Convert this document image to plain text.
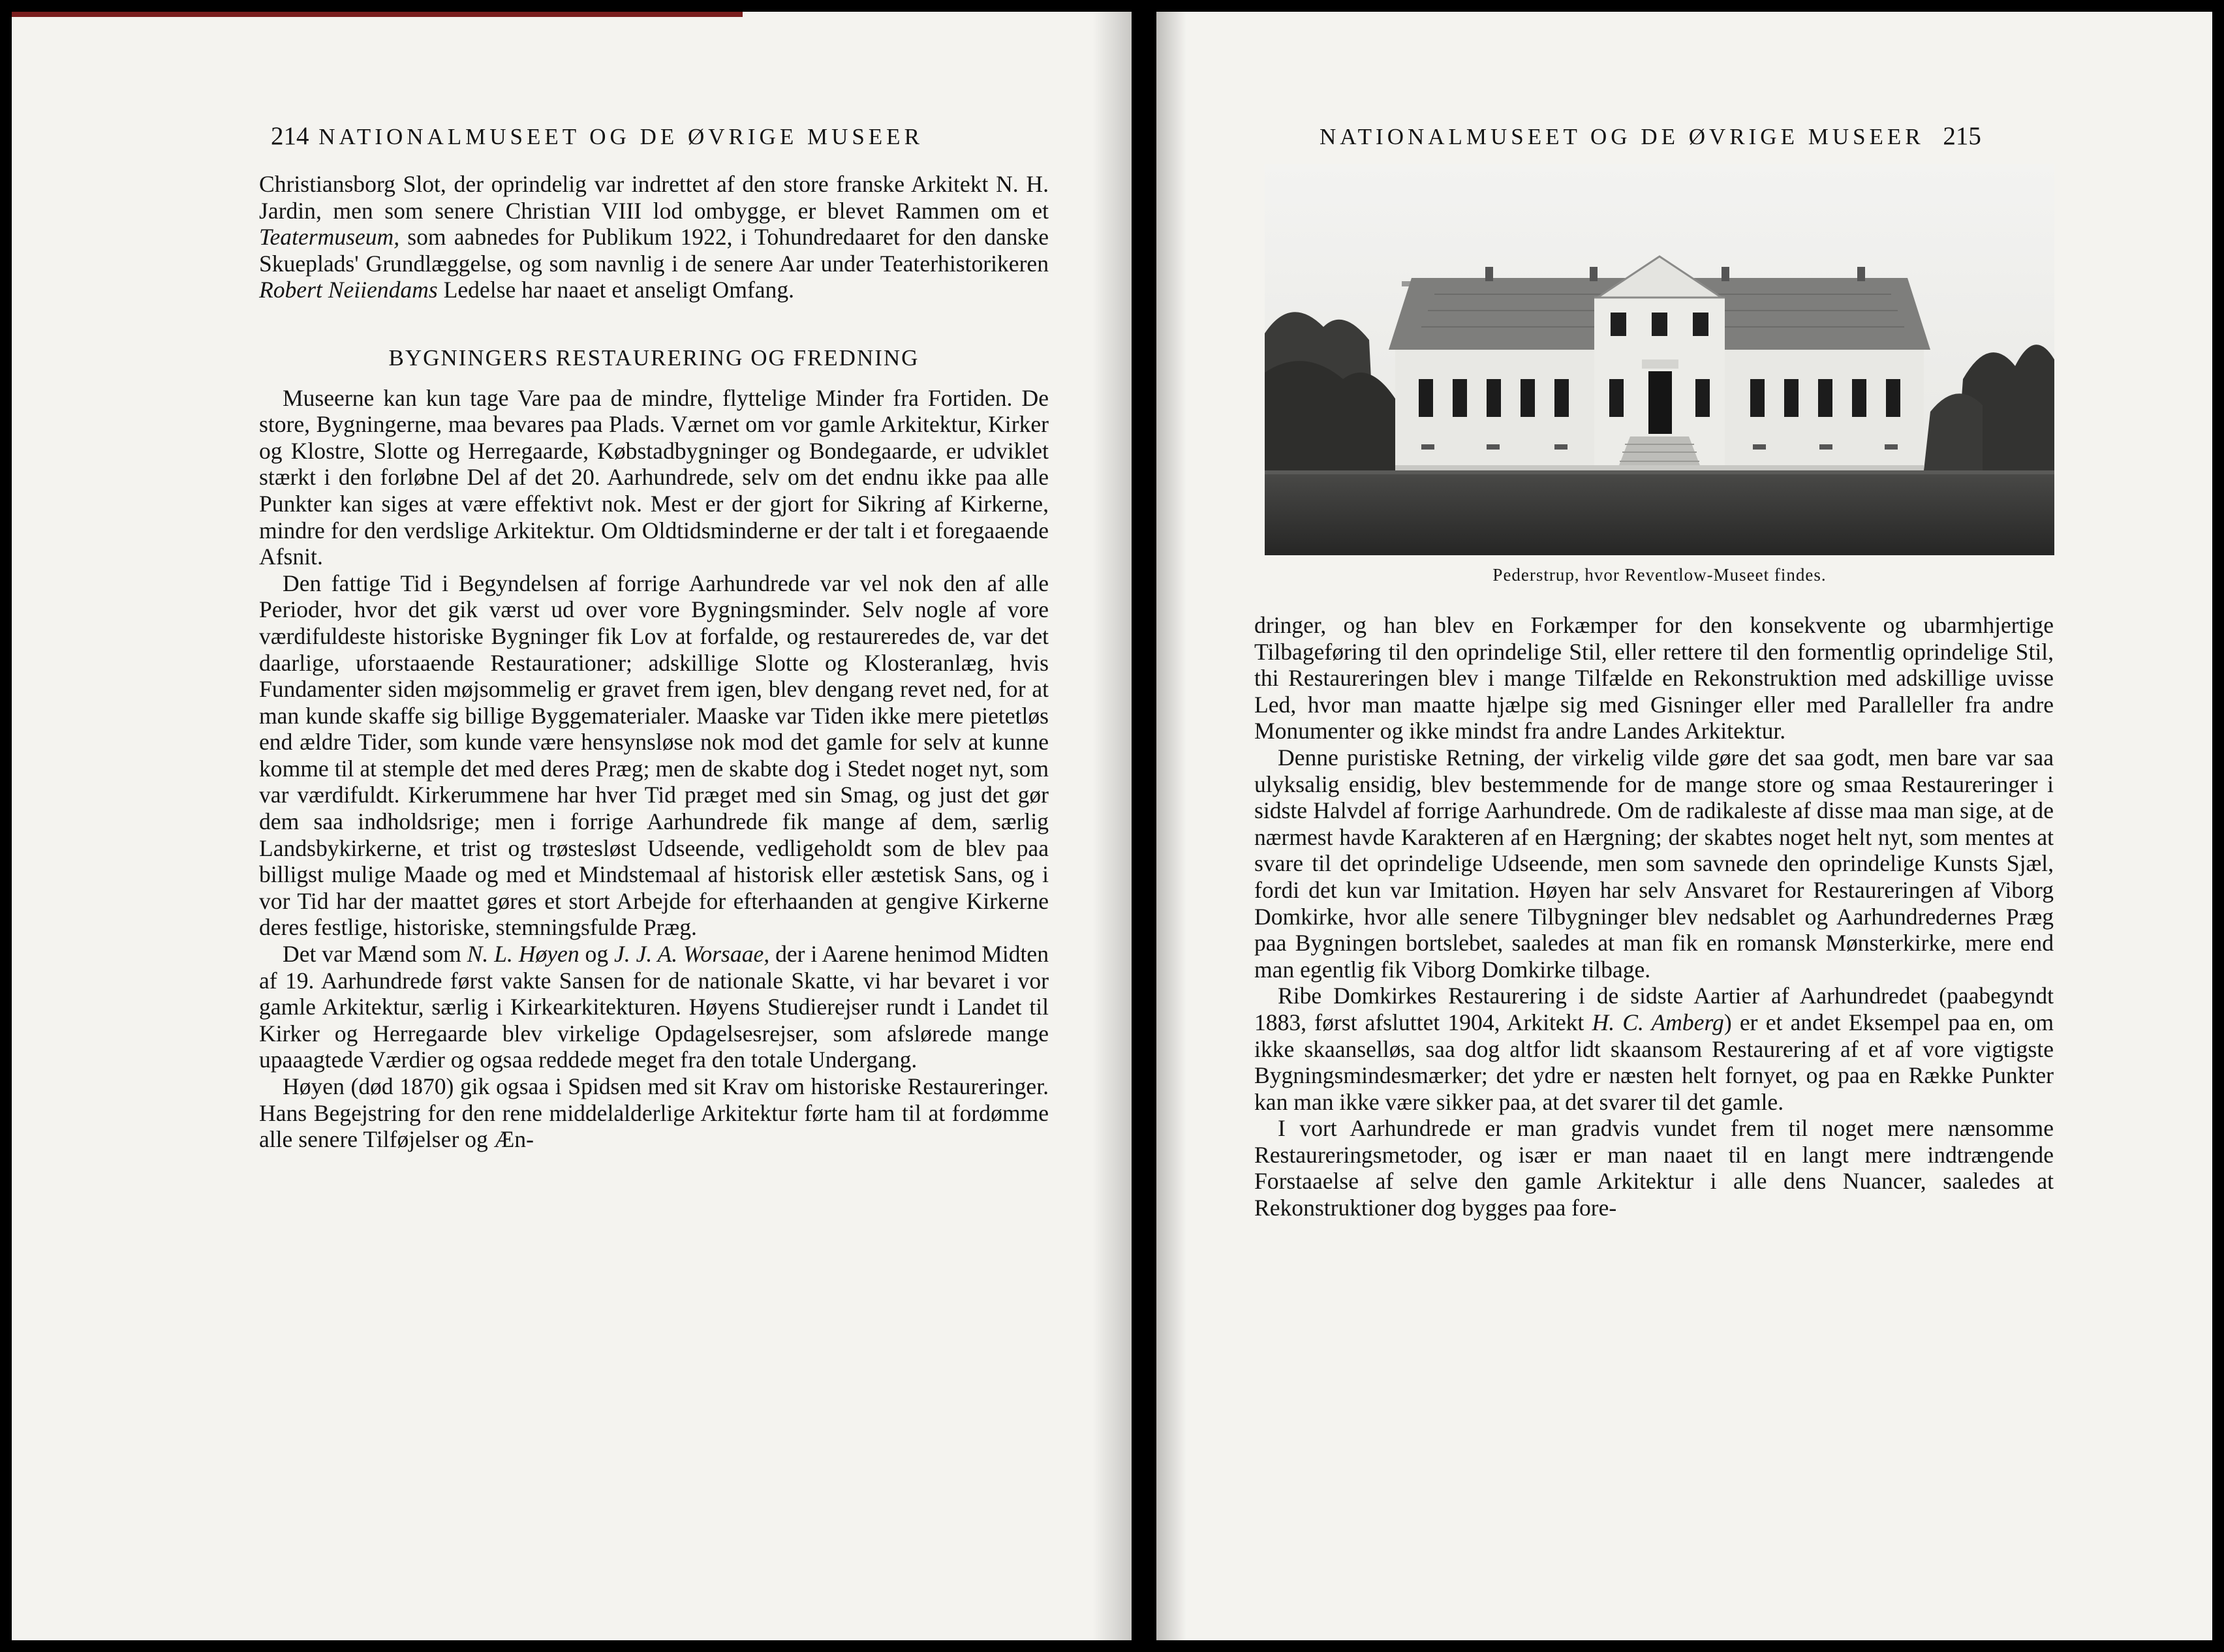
214 NATIONALMUSEET OG DE ØVRIGE MUSEER

Christiansborg Slot, der oprindelig var indrettet af den store franske Arkitekt N. H. Jardin, men som senere Christian VIII lod ombygge, er blevet Rammen om et Teatermuseum, som aabnedes for Publikum 1922, i Tohundredaaret for den danske Skueplads' Grundlæggelse, og som navnlig i de senere Aar under Teaterhistorikeren Robert Neiiendams Ledelse har naaet et anseligt Omfang.

BYGNINGERS RESTAURERING OG FREDNING

Museerne kan kun tage Vare paa de mindre, flyttelige Minder fra Fortiden. De store, Bygningerne, maa bevares paa Plads. Værnet om vor gamle Arkitektur, Kirker og Klostre, Slotte og Herregaarde, Købstadbygninger og Bondegaarde, er udviklet stærkt i den forløbne Del af det 20. Aarhundrede, selv om det endnu ikke paa alle Punkter kan siges at være effektivt nok. Mest er der gjort for Sikring af Kirkerne, mindre for den verdslige Arkitektur. Om Oldtidsminderne er der talt i et foregaaende Afsnit.

Den fattige Tid i Begyndelsen af forrige Aarhundrede var vel nok den af alle Perioder, hvor det gik værst ud over vore Bygningsminder. Selv nogle af vore værdifuldeste historiske Bygninger fik Lov at forfalde, og restaureredes de, var det daarlige, uforstaaende Restaurationer; adskillige Slotte og Klosteranlæg, hvis Fundamenter siden møjsommelig er gravet frem igen, blev dengang revet ned, for at man kunde skaffe sig billige Byggematerialer. Maaske var Tiden ikke mere pietetløs end ældre Tider, som kunde være hensynsløse nok mod det gamle for selv at kunne komme til at stemple det med deres Præg; men de skabte dog i Stedet noget nyt, som var værdifuldt. Kirkerummene har hver Tid præget med sin Smag, og just det gør dem saa indholdsrige; men i forrige Aarhundrede fik mange af dem, særlig Landsbykirkerne, et trist og trøstesløst Udseende, vedligeholdt som de blev paa billigst mulige Maade og med et Mindstemaal af historisk eller æstetisk Sans, og i vor Tid har der maattet gøres et stort Arbejde for efterhaanden at gengive Kirkerne deres festlige, historiske, stemningsfulde Præg.

Det var Mænd som N. L. Høyen og J. J. A. Worsaae, der i Aarene henimod Midten af 19. Aarhundrede først vakte Sansen for de nationale Skatte, vi har bevaret i vor gamle Arkitektur, særlig i Kirkearkitekturen. Høyens Studierejser rundt i Landet til Kirker og Herregaarde blev virkelige Opdagelsesrejser, som afslørede mange upaaagtede Værdier og ogsaa reddede meget fra den totale Undergang.

Høyen (død 1870) gik ogsaa i Spidsen med sit Krav om historiske Restaureringer. Hans Begejstring for den rene middelalderlige Arkitektur førte ham til at fordømme alle senere Tilføjelser og Æn-

NATIONALMUSEET OG DE ØVRIGE MUSEER 215
Pederstrup, hvor Reventlow-Museet findes.

dringer, og han blev en Forkæmper for den konsekvente og ubarmhjertige Tilbageføring til den oprindelige Stil, eller rettere til den formentlig oprindelige Stil, thi Restaureringen blev i mange Tilfælde en Rekonstruktion med adskillige uvisse Led, hvor man maatte hjælpe sig med Gisninger eller med Paralleller fra andre Monumenter og ikke mindst fra andre Landes Arkitektur.

Denne puristiske Retning, der virkelig vilde gøre det saa godt, men bare var saa ulyksalig ensidig, blev bestemmende for de mange store og smaa Restaureringer i sidste Halvdel af forrige Aarhundrede. Om de radikaleste af disse maa man sige, at de nærmest havde Karakteren af en Hærgning; der skabtes noget helt nyt, som mentes at svare til det oprindelige Udseende, men som savnede den oprindelige Kunsts Sjæl, fordi det kun var Imitation. Høyen har selv Ansvaret for Restaureringen af Viborg Domkirke, hvor alle senere Tilbygninger blev nedsablet og Aarhundredernes Præg paa Bygningen bortslebet, saaledes at man fik en romansk Mønsterkirke, mere end man egentlig fik Viborg Domkirke tilbage.

Ribe Domkirkes Restaurering i de sidste Aartier af Aarhundredet (paabegyndt 1883, først afsluttet 1904, Arkitekt H. C. Amberg) er et andet Eksempel paa en, om ikke skaanselløs, saa dog altfor lidt skaansom Restaurering af et af vore vigtigste Bygningsmindesmærker; det ydre er næsten helt fornyet, og paa en Række Punkter kan man ikke være sikker paa, at det svarer til det gamle.

I vort Aarhundrede er man gradvis vundet frem til noget mere nænsomme Restaureringsmetoder, og især er man naaet til en langt mere indtrængende Forstaaelse af selve den gamle Arkitektur i alle dens Nuancer, saaledes at Rekonstruktioner dog bygges paa fore-
